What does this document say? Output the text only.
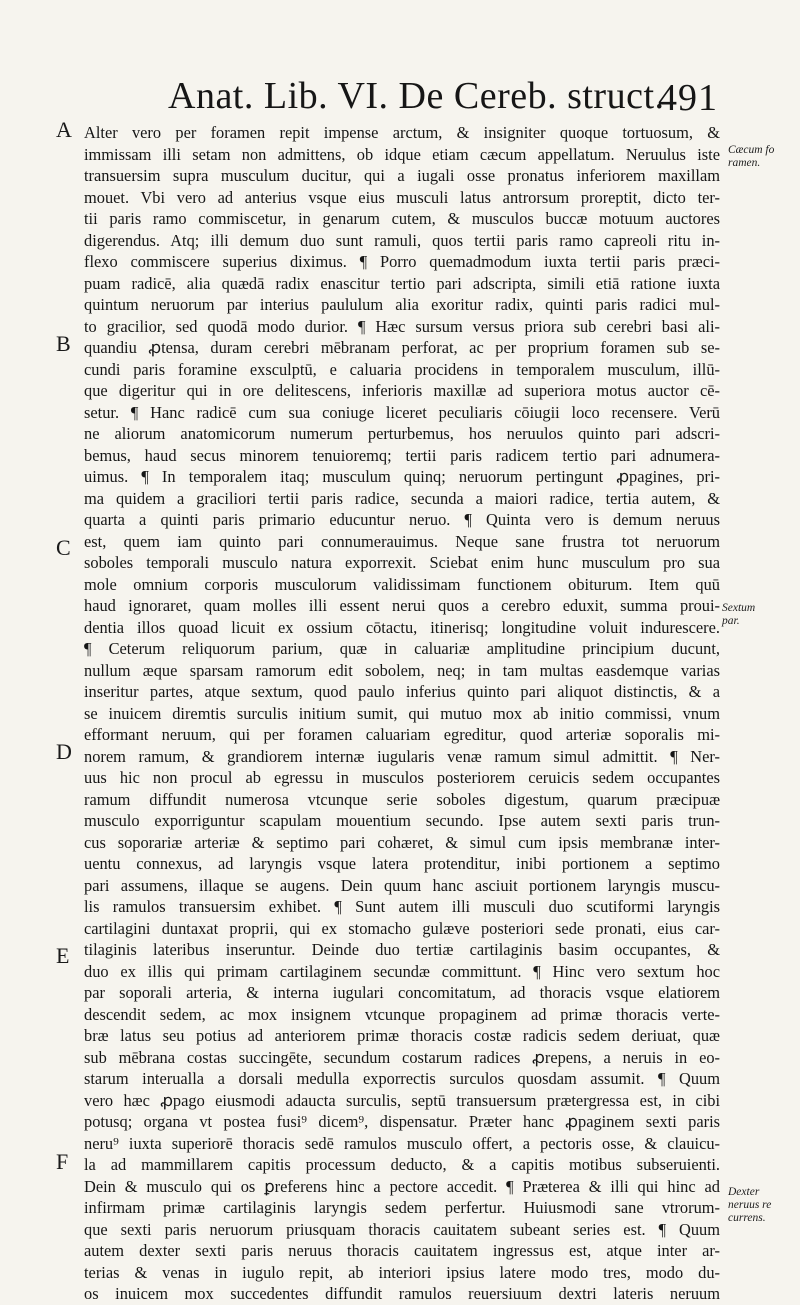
Anat. Lib. VI. De Cereb. struct.
491
A
B
C
D
E
F
Cæcum fo
ramen.
Sextum
par.
Dexter
neruus re
currens.
Alter vero per foramen repit impense arctum, & insigniter quoque tortuosum, &
immissam illi setam non admittens, ob idque etiam cæcum appellatum. Neruulus iste
transuersim supra musculum ducitur, qui a iugali osse pronatus inferiorem maxillam
mouet. Vbi vero ad anterius vsque eius musculi latus antrorsum proreptit, dicto ter-
tii paris ramo commiscetur, in genarum cutem, & musculos buccæ motuum auctores
digerendus. Atq; illi demum duo sunt ramuli, quos tertii paris ramo capreoli ritu in-
flexo commiscere superius diximus. ¶ Porro quemadmodum iuxta tertii paris præci-
puam radicē, alia quædā radix enascitur tertio pari adscripta, simili etiā ratione iuxta
quintum neruorum par interius paululum alia exoritur radix, quinti paris radici mul-
to gracilior, sed quodā modo durior. ¶ Hæc sursum versus priora sub cerebri basi ali-
quandiu ꝓtensa, duram cerebri mēbranam perforat, ac per proprium foramen sub se-
cundi paris foramine exsculptū, e caluaria procidens in temporalem musculum, illū-
que digeritur qui in ore delitescens, inferioris maxillæ ad superiora motus auctor cē-
setur. ¶ Hanc radicē cum sua coniuge liceret peculiaris cōiugii loco recensere. Verū
ne aliorum anatomicorum numerum perturbemus, hos neruulos quinto pari adscri-
bemus, haud secus minorem tenuioremq; tertii paris radicem tertio pari adnumera-
uimus. ¶ In temporalem itaq; musculum quinq; neruorum pertingunt ꝓpagines, pri-
ma quidem a graciliori tertii paris radice, secunda a maiori radice, tertia autem, &
quarta a quinti paris primario educuntur neruo. ¶ Quinta vero is demum neruus
est, quem iam quinto pari connumerauimus. Neque sane frustra tot neruorum
soboles temporali musculo natura exporrexit. Sciebat enim hunc musculum pro sua
mole omnium corporis musculorum validissimam functionem obiturum. Item quū
haud ignoraret, quam molles illi essent nerui quos a cerebro eduxit, summa proui-
dentia illos quoad licuit ex ossium cōtactu, itinerisq; longitudine voluit indurescere.
¶ Ceterum reliquorum parium, quæ in caluariæ amplitudine principium ducunt,
nullum æque sparsam ramorum edit sobolem, neq; in tam multas easdemque varias
inseritur partes, atque sextum, quod paulo inferius quinto pari aliquot distinctis, & a
se inuicem diremtis surculis initium sumit, qui mutuo mox ab initio commissi, vnum
efformant neruum, qui per foramen caluariam egreditur, quod arteriæ soporalis mi-
norem ramum, & grandiorem internæ iugularis venæ ramum simul admittit. ¶ Ner-
uus hic non procul ab egressu in musculos posteriorem ceruicis sedem occupantes
ramum diffundit numerosa vtcunque serie soboles digestum, quarum præcipuæ
musculo exporriguntur scapulam mouentium secundo. Ipse autem sexti paris trun-
cus soporariæ arteriæ & septimo pari cohæret, & simul cum ipsis membranæ inter-
uentu connexus, ad laryngis vsque latera protenditur, inibi portionem a septimo
pari assumens, illaque se augens. Dein quum hanc asciuit portionem laryngis muscu-
lis ramulos transuersim exhibet. ¶ Sunt autem illi musculi duo scutiformi laryngis
cartilagini duntaxat proprii, qui ex stomacho gulæve posteriori sede pronati, eius car-
tilaginis lateribus inseruntur. Deinde duo tertiæ cartilaginis basim occupantes, &
duo ex illis qui primam cartilaginem secundæ committunt. ¶ Hinc vero sextum hoc
par soporali arteria, & interna iugulari concomitatum, ad thoracis vsque elatiorem
descendit sedem, ac mox insignem vtcunque propaginem ad primæ thoracis verte-
bræ latus seu potius ad anteriorem primæ thoracis costæ radicis sedem deriuat, quæ
sub mēbrana costas succingēte, secundum costarum radices ꝓrepens, a neruis in eo-
starum interualla a dorsali medulla exporrectis surculos quosdam assumit. ¶ Quum
vero hæc ꝓpago eiusmodi adaucta surculis, septū transuersum prætergressa est, in cibi
potusq; organa vt postea fusi⁹ dicem⁹, dispensatur. Præter hanc ꝓpaginem sexti paris
neru⁹ iuxta superiorē thoracis sedē ramulos musculo offert, a pectoris osse, & clauicu-
la ad mammillarem capitis processum deducto, & a capitis motibus subseruienti.
Dein & musculo qui os ꝑreferens hinc a pectore accedit. ¶ Præterea & illi qui hinc ad
infirmam primæ cartilaginis laryngis sedem perfertur. Huiusmodi sane vtrorum-
que sexti paris neruorum priusquam thoracis cauitatem subeant series est. ¶ Quum
autem dexter sexti paris neruus thoracis cauitatem ingressus est, atque inter ar-
terias & venas in iugulo repit, ab interiori ipsius latere modo tres, modo du-
os inuicem mox succedentes diffundit ramulos reuersiuum dextri lateris neruum
